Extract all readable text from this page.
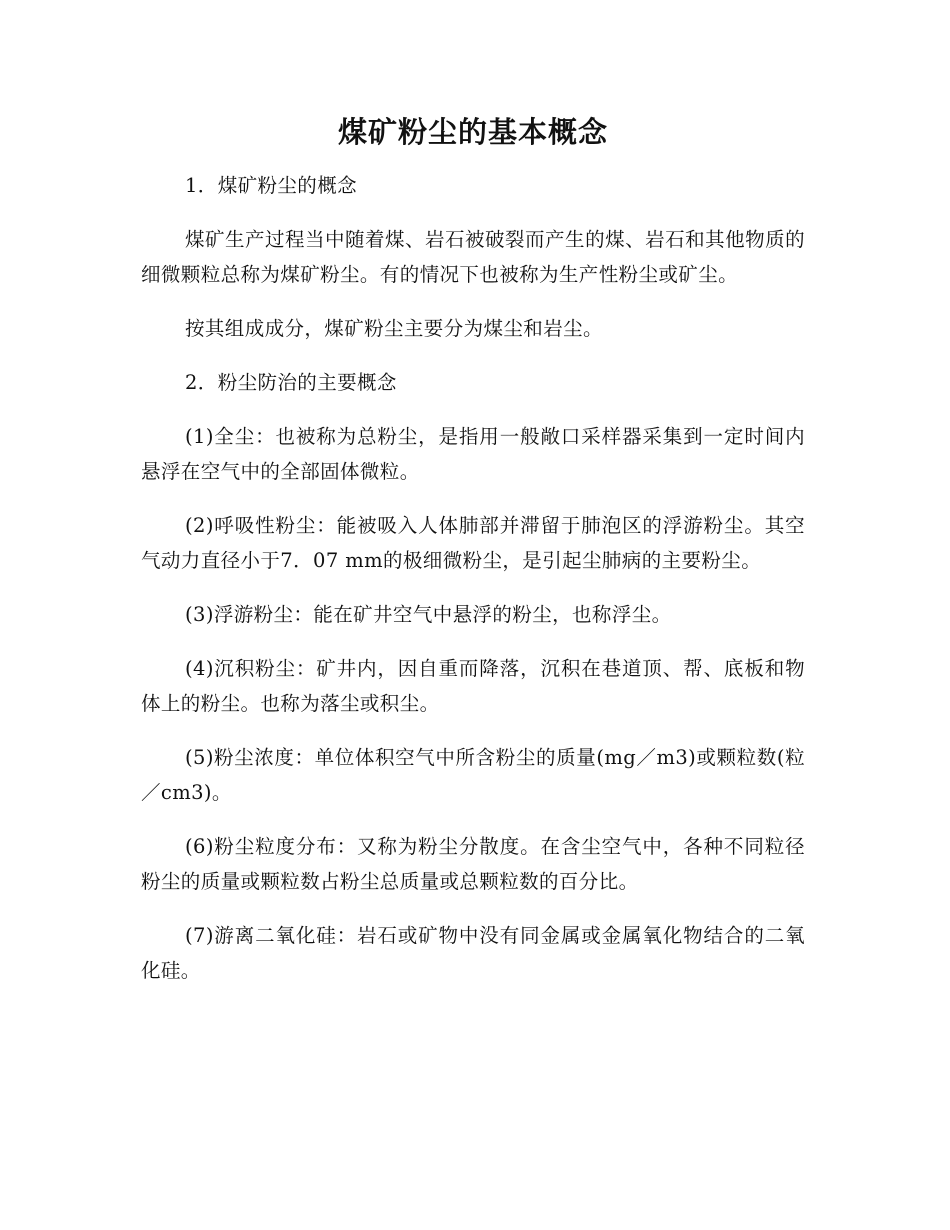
煤矿粉尘的基本概念

1．煤矿粉尘的概念

煤矿生产过程当中随着煤、岩石被破裂而产生的煤、岩石和其他物质的细微颗粒总称为煤矿粉尘。有的情况下也被称为生产性粉尘或矿尘。

按其组成成分，煤矿粉尘主要分为煤尘和岩尘。

2．粉尘防治的主要概念

(1)全尘：也被称为总粉尘，是指用一般敞口采样器采集到一定时间内悬浮在空气中的全部固体微粒。

(2)呼吸性粉尘：能被吸入人体肺部并滞留于肺泡区的浮游粉尘。其空气动力直径小于7．07 mm的极细微粉尘，是引起尘肺病的主要粉尘。

(3)浮游粉尘：能在矿井空气中悬浮的粉尘，也称浮尘。

(4)沉积粉尘：矿井内，因自重而降落，沉积在巷道顶、帮、底板和物体上的粉尘。也称为落尘或积尘。

(5)粉尘浓度：单位体积空气中所含粉尘的质量(mg／m3)或颗粒数(粒／cm3)。

(6)粉尘粒度分布：又称为粉尘分散度。在含尘空气中，各种不同粒径粉尘的质量或颗粒数占粉尘总质量或总颗粒数的百分比。

(7)游离二氧化硅：岩石或矿物中没有同金属或金属氧化物结合的二氧化硅。
